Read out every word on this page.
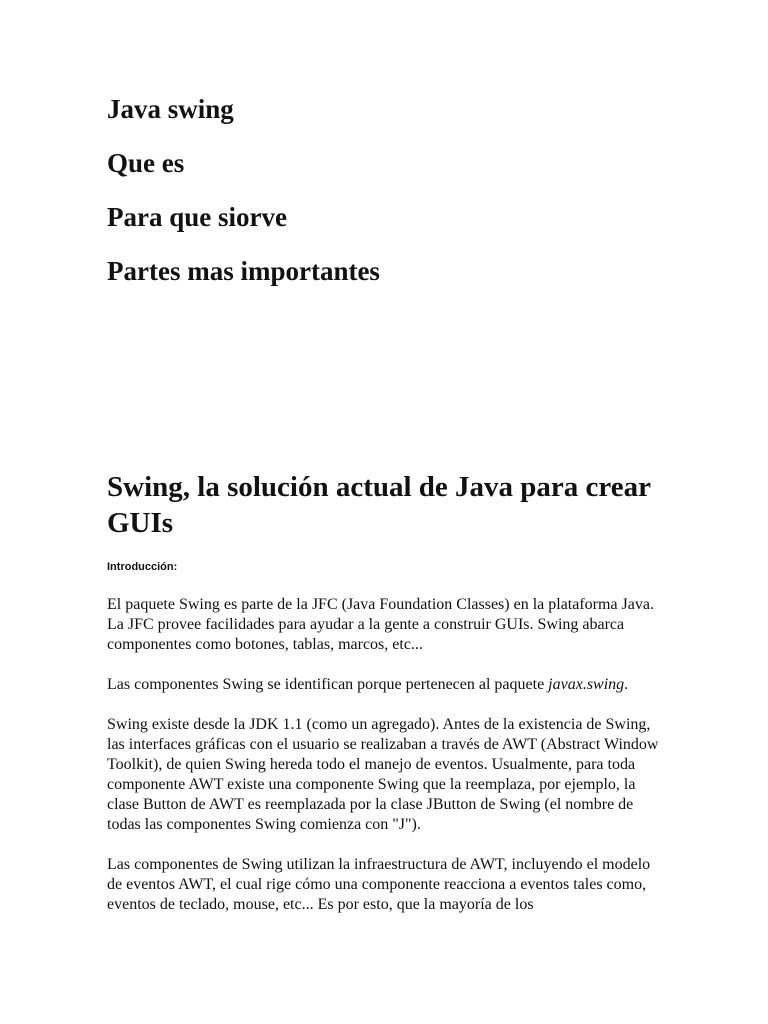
Java swing
Que es
Para que siorve
Partes mas importantes
Swing, la solución actual de Java para crear GUIs
Introducción:

El paquete Swing es parte de la JFC (Java Foundation Classes) en la plataforma Java. La JFC provee facilidades para ayudar a la gente a construir GUIs. Swing abarca componentes como botones, tablas, marcos, etc...

Las componentes Swing se identifican porque pertenecen al paquete javax.swing.

Swing existe desde la JDK 1.1 (como un agregado). Antes de la existencia de Swing, las interfaces gráficas con el usuario se realizaban a través de AWT (Abstract Window Toolkit), de quien Swing hereda todo el manejo de eventos. Usualmente, para toda componente AWT existe una componente Swing que la reemplaza, por ejemplo, la clase Button de AWT es reemplazada por la clase JButton de Swing (el nombre de todas las componentes Swing comienza con "J").

Las componentes de Swing utilizan la infraestructura de AWT, incluyendo el modelo de eventos AWT, el cual rige cómo una componente reacciona a eventos tales como, eventos de teclado, mouse, etc... Es por esto, que la mayoría de los
